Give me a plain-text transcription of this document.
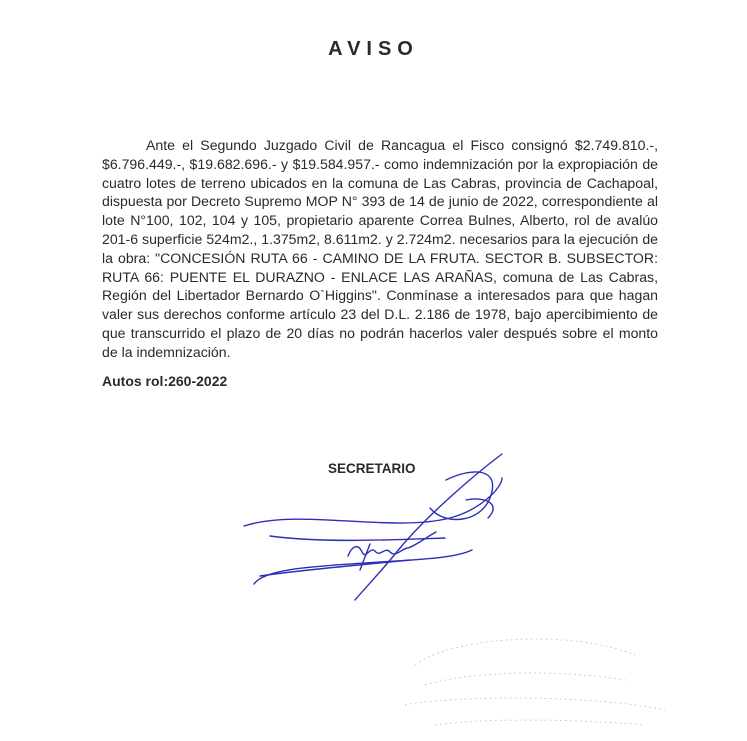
AVISO

Ante el Segundo Juzgado Civil de Rancagua el Fisco consignó $2.749.810.-, $6.796.449.-, $19.682.696.- y $19.584.957.- como indemnización por la expropiación de cuatro lotes de terreno ubicados en la comuna de Las Cabras, provincia de Cachapoal, dispuesta por Decreto Supremo MOP N° 393 de 14 de junio de 2022, correspondiente al lote N°100, 102, 104 y 105, propietario aparente Correa Bulnes, Alberto, rol de avalúo 201-6 superficie 524m2., 1.375m2, 8.611m2. y 2.724m2. necesarios para la ejecución de la obra: "CONCESIÓN RUTA 66 - CAMINO DE LA FRUTA. SECTOR B. SUBSECTOR: RUTA 66: PUENTE EL DURAZNO - ENLACE LAS ARAÑAS, comuna de Las Cabras, Región del Libertador Bernardo O`Higgins". Conmínase a interesados para que hagan valer sus derechos conforme artículo 23 del D.L. 2.186 de 1978, bajo apercibimiento de que transcurrido el plazo de 20 días no podrán hacerlos valer después sobre el monto de la indemnización.

Autos rol:260-2022
SECRETARIO
